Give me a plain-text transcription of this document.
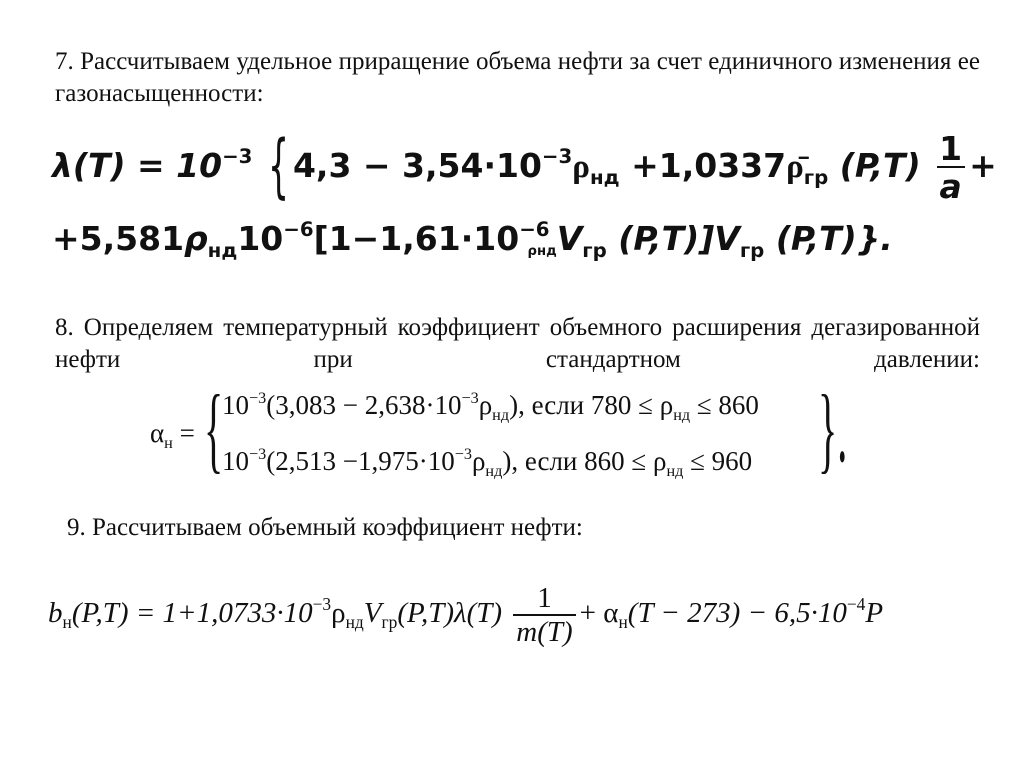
7. Рассчитываем удельное приращение объема нефти за счет единичного изменения ее газонасыщенности:

$\lambda(T) = 10^{-3}$ { $4,3 - 3,54\cdot 10^{-3}\rho_{нд}$ $+1,0337\rhō_{гр}$ $(P,T) \frac{1}{a}$ +
$+5,581\rho_{нд}10^{-6}[1-1,61\cdot 10^{-6}_{\rho нд}V_{гр}$ $(P,T)]V_{гр}$ (P,T)}.

8. Определяем температурный коэффициент объемного расширения дегазированной нефти при стандартном давлении:

$\alpha_н$ = {
$10^{-3}(3,083 - 2,638\cdot 10^{-3}\rho_{нд})$, если $780 \le \rho_{нд} \le 860$
$10^{-3}(2,513 -1,975\cdot 10^{-3}\rho_{нд})$, если $860 \le \rho_{нд} \le 960$ }.

9. Рассчитываем объемный коэффициент нефти:

$b_н(P,T) = 1+1,0733\cdot 10^{-3}\rho_{нд}V_{гр}(P,T)\lambda(T) \frac{1}{m(T)} + \alpha_н(T - 273) - 6,5\cdot 10^{-4}P$
